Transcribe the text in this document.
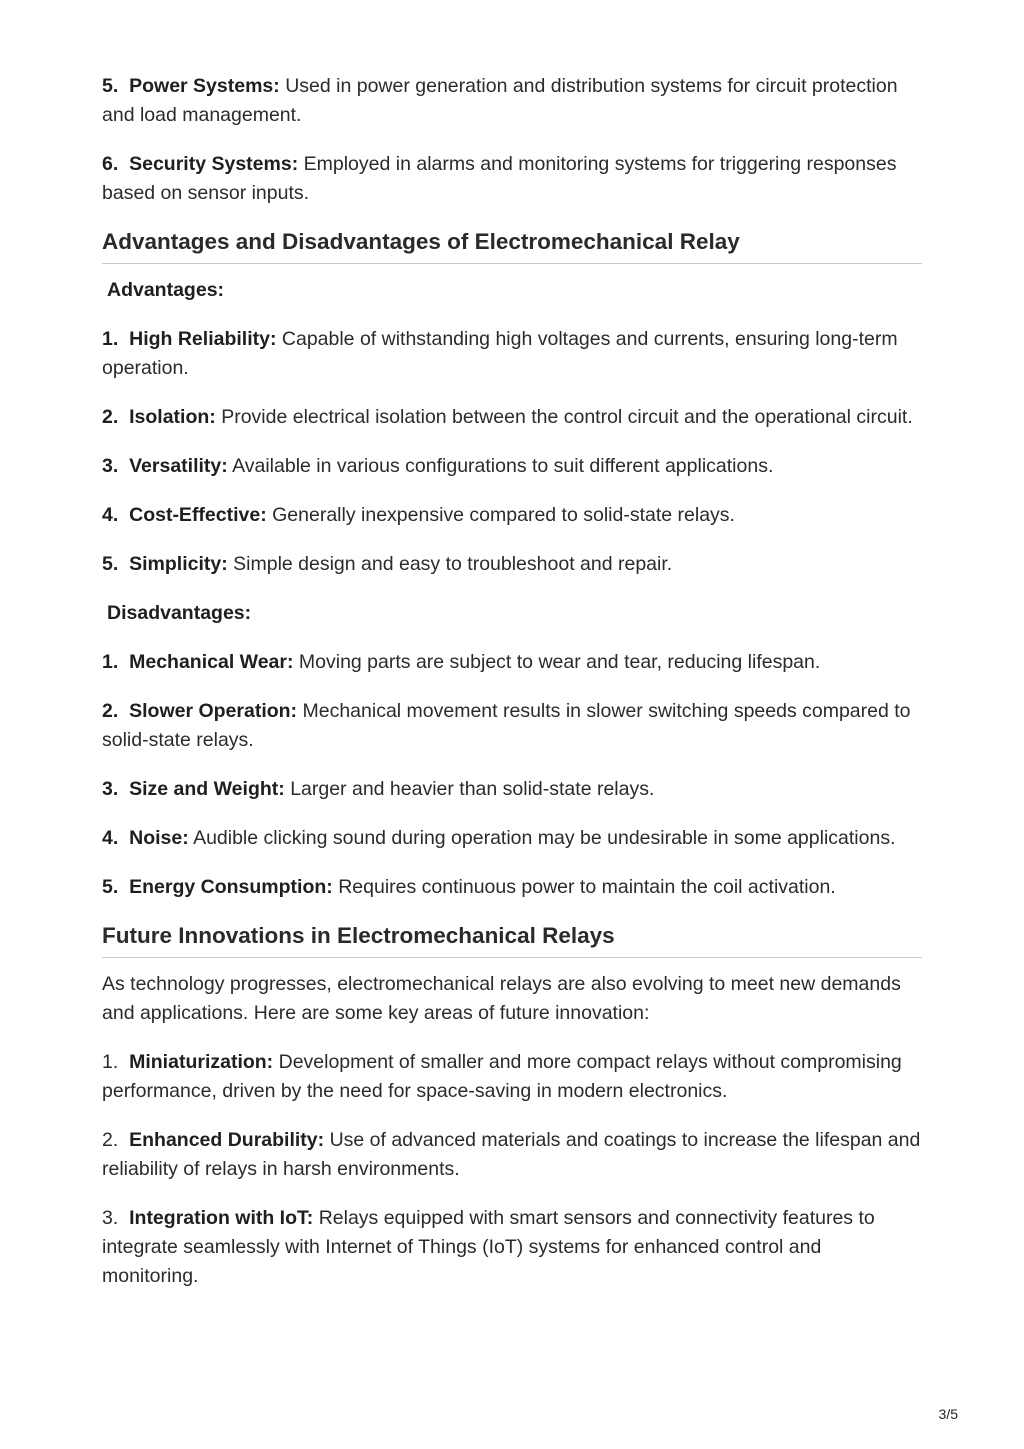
5. Power Systems: Used in power generation and distribution systems for circuit protection and load management.

6. Security Systems: Employed in alarms and monitoring systems for triggering responses based on sensor inputs.

Advantages and Disadvantages of Electromechanical Relay
Advantages:

1. High Reliability: Capable of withstanding high voltages and currents, ensuring long-term operation.

2. Isolation: Provide electrical isolation between the control circuit and the operational circuit.

3. Versatility: Available in various configurations to suit different applications.

4. Cost-Effective: Generally inexpensive compared to solid-state relays.

5. Simplicity: Simple design and easy to troubleshoot and repair.

Disadvantages:

1. Mechanical Wear: Moving parts are subject to wear and tear, reducing lifespan.

2. Slower Operation: Mechanical movement results in slower switching speeds compared to solid-state relays.

3. Size and Weight: Larger and heavier than solid-state relays.

4. Noise: Audible clicking sound during operation may be undesirable in some applications.

5. Energy Consumption: Requires continuous power to maintain the coil activation.

Future Innovations in Electromechanical Relays

As technology progresses, electromechanical relays are also evolving to meet new demands and applications. Here are some key areas of future innovation:

1. Miniaturization: Development of smaller and more compact relays without compromising performance, driven by the need for space-saving in modern electronics.

2. Enhanced Durability: Use of advanced materials and coatings to increase the lifespan and reliability of relays in harsh environments.

3. Integration with IoT: Relays equipped with smart sensors and connectivity features to integrate seamlessly with Internet of Things (IoT) systems for enhanced control and monitoring.

3/5
